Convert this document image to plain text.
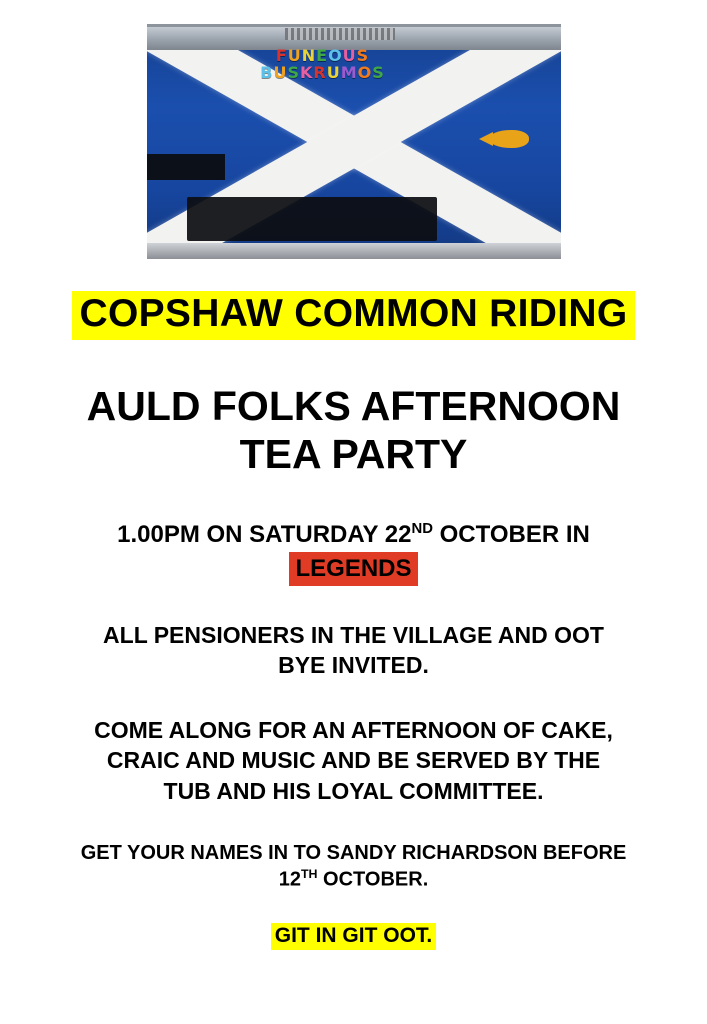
FUNEOUS
BUSKRUMOS
COPSHAW COMMON RIDING
AULD FOLKS AFTERNOON
TEA PARTY
1.00PM ON SATURDAY 22ND OCTOBER IN
LEGENDS
ALL PENSIONERS IN THE VILLAGE AND OOT
BYE INVITED.
COME ALONG FOR AN AFTERNOON OF CAKE,
CRAIC AND MUSIC AND BE SERVED BY THE
TUB AND HIS LOYAL COMMITTEE.
GET YOUR NAMES IN TO SANDY RICHARDSON BEFORE
12TH OCTOBER.
GIT IN GIT OOT.
